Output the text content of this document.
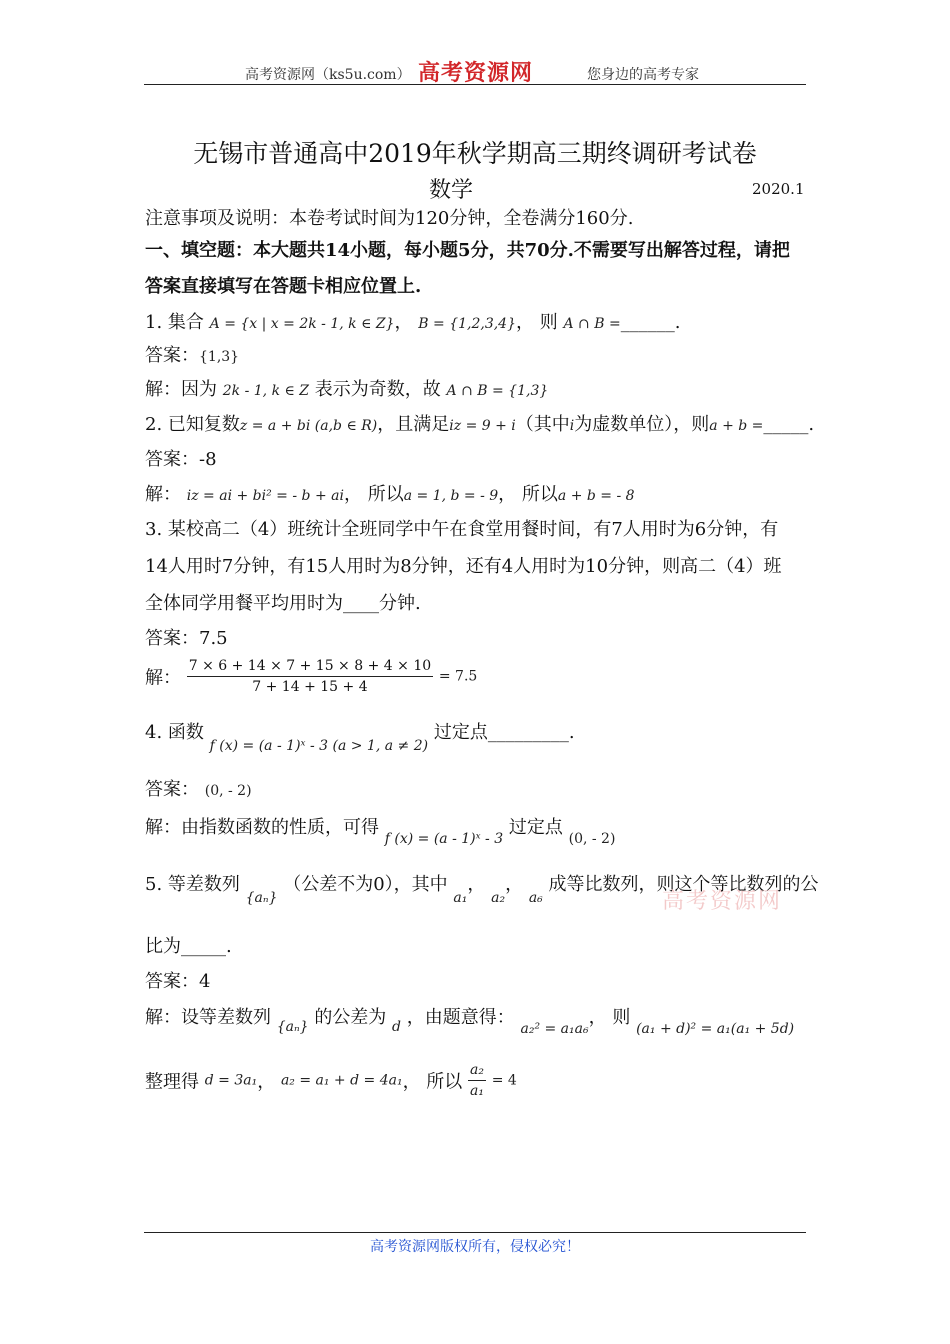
高考资源网（ks5u.com） 高考资源网	您身边的高考专家
无锡市普通高中2019年秋学期高三期终调研考试卷
数学	2020.1
注意事项及说明：本卷考试时间为120分钟，全卷满分160分.
一、填空题：本大题共14小题，每小题5分，共70分.不需要写出解答过程，请把
答案直接填写在答题卡相应位置上.
1. 集合 A = {x | x = 2k - 1, k ∈ Z}， B = {1,2,3,4}， 则 A ∩ B =______.
答案：{1,3}
解：因为 2k - 1, k ∈ Z 表示为奇数，故 A ∩ B = {1,3}
2. 已知复数z = a + bi (a,b ∈ R)，且满足iz = 9 + i（其中i为虚数单位），则a + b =_____.
答案：-8
解： iz = ai + bi² = - b + ai， 所以a = 1, b = - 9， 所以a + b = - 8
3. 某校高二（4）班统计全班同学中午在食堂用餐时间，有7人用时为6分钟，有
14人用时7分钟，有15人用时为8分钟，还有4人用时为10分钟，则高二（4）班
全体同学用餐平均用时为____分钟.
答案：7.5
解： $\frac{7 \times 6 + 14 \times 7 + 15 \times 8 + 4 \times 10}{7 + 14 + 15 + 4} = 7.5$
4. 函数 $_{f (x) = (a - 1)ˣ - 3 (a > 1, a \ne 2)}$ 过定点_________.
答案： (0, - 2)
解：由指数函数的性质，可得 $_{f (x) = (a - 1)ˣ - 3}$ 过定点 $_{(0, - 2)}$
5. 等差数列 $_{\{a_n\}}$ （公差不为0），其中 $_{a_1}$， $_{a_2}$， $_{a_6}$ 成等比数列，则这个等比数列的公
高考资源网
比为_____.
答案：4
解：设等差数列 $_{\{a_n\}}$ 的公差为 $_d$ ，由题意得： $_{a_2^2 = a_1a_6}$， 则 $_{(a_1 + d)^2 = a_1(a_1 + 5d)}$
整理得 d = 3a₁， a₂ = a₁ + d = 4a₁， 所以 $\frac{\text{a₂}}{\text{a₁}} = 4$
高考资源网版权所有，侵权必究！
